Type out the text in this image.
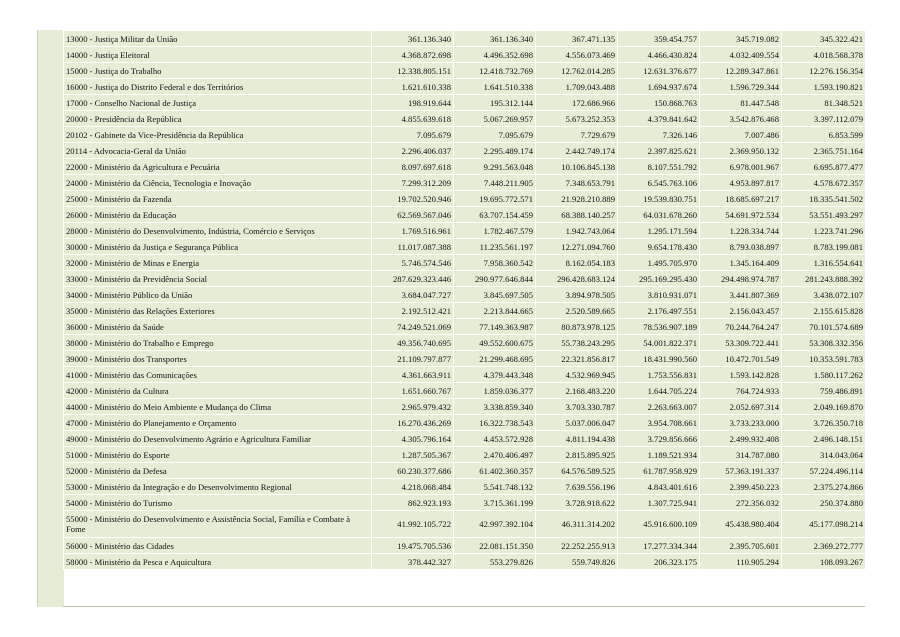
13000 - Justiça Militar da União	361.136.340	361.136.340	367.471.135	359.454.757	345.719.082	345.322.421
14000 - Justiça Eleitoral	4.368.872.698	4.496.352.698	4.556.073.469	4.466.430.824	4.032.409.554	4.018.568.378
15000 - Justiça do Trabalho	12.338.805.151	12.418.732.769	12.762.014.285	12.631.376.677	12.289.347.861	12.276.156.354
16000 - Justiça do Distrito Federal e dos Territórios	1.621.610.338	1.641.510.338	1.709.043.488	1.694.937.674	1.596.729.344	1.593.190.821
17000 - Conselho Nacional de Justiça	198.919.644	195.312.144	172.686.966	150.868.763	81.447.548	81.348.521
20000 - Presidência da República	4.855.639.618	5.067.269.957	5.673.252.353	4.379.841.642	3.542.876.468	3.397.112.079
20102 - Gabinete da Vice-Presidência da República	7.095.679	7.095.679	7.729.679	7.326.146	7.007.486	6.853.599
20114 - Advocacia-Geral da União	2.296.406.037	2.295.489.174	2.442.749.174	2.397.825.621	2.369.950.132	2.365.751.164
22000 - Ministério da Agricultura e Pecuária	8.097.697.618	9.291.563.048	10.106.845.138	8.107.551.792	6.978.001.967	6.695.877.477
24000 - Ministério da Ciência, Tecnologia e Inovação	7.299.312.209	7.448.211.905	7.348.653.791	6.545.763.106	4.953.897.817	4.578.672.357
25000 - Ministério da Fazenda	19.702.520.946	19.695.772.571	21.928.210.889	19.539.830.751	18.685.697.217	18.335.541.502
26000 - Ministério da Educação	62.569.567.046	63.707.154.459	68.388.140.257	64.031.678.260	54.691.972.534	53.551.493.297
28000 - Ministério do Desenvolvimento, Indústria, Comércio e Serviços	1.769.516.961	1.782.467.579	1.942.743.064	1.295.171.594	1.228.334.744	1.223.741.296
30000 - Ministério da Justiça e Segurança Pública	11.017.087.388	11.235.561.197	12.271.094.760	9.654.178.430	8.793.038.897	8.783.199.081
32000 - Ministério de Minas e Energia	5.746.574.546	7.958.360.542	8.162.054.183	1.495.705.970	1.345.164.409	1.316.554.641
33000 - Ministério da Previdência Social	287.629.323.446	290.977.646.844	296.428.683.124	295.169.295.430	294.498.974.787	281.243.888.392
34000 - Ministério Público da União	3.684.047.727	3.845.697.505	3.894.978.505	3.810.931.071	3.441.807.369	3.438.072.107
35000 - Ministério das Relações Exteriores	2.192.512.421	2.213.844.665	2.520.589.665	2.176.497.551	2.156.043.457	2.155.615.828
36000 - Ministério da Saúde	74.249.521.069	77.149.363.987	80.873.978.125	78.536.907.189	70.244.764.247	70.101.574.689
38000 - Ministério do Trabalho e Emprego	49.356.740.695	49.552.600.675	55.738.243.295	54.001.822.371	53.309.722.441	53.308.332.356
39000 - Ministério dos Transportes	21.109.797.877	21.299.468.695	22.321.856.817	18.431.990.560	10.472.701.549	10.353.591.783
41000 - Ministério das Comunicações	4.361.663.911	4.379.443.348	4.532.969.945	1.753.556.831	1.593.142.828	1.580.117.262
42000 - Ministério da Cultura	1.651.660.767	1.859.036.377	2.168.483.220	1.644.705.224	764.724.933	759.486.891
44000 - Ministério do Meio Ambiente e Mudança do Clima	2.965.979.432	3.338.859.340	3.703.330.787	2.263.663.007	2.052.697.314	2.049.169.870
47000 - Ministério do Planejamento e Orçamento	16.270.436.269	16.322.738.543	5.037.006.047	3.954.708.661	3.733.233.000	3.726.350.718
49000 - Ministério do Desenvolvimento Agrário e Agricultura Familiar	4.305.796.164	4.453.572.928	4.811.194.438	3.729.856.666	2.499.932.408	2.496.148.151
51000 - Ministério do Esporte	1.287.505.367	2.470.406.497	2.815.895.925	1.189.521.934	314.787.080	314.043.064
52000 - Ministério da Defesa	60.230.377.686	61.402.360.357	64.576.589.525	61.787.958.929	57.363.191.337	57.224.496.114
53000 - Ministério da Integração e do Desenvolvimento Regional	4.218.068.484	5.541.748.132	7.639.556.196	4.843.401.616	2.399.450.223	2.375.274.866
54000 - Ministério do Turismo	862.923.193	3.715.361.199	3.728.918.622	1.307.725.941	272.356.032	250.374.880
55000 - Ministério do Desenvolvimento e Assistência Social, Família e Combate à Fome	41.992.105.722	42.997.392.104	46.311.314.202	45.916.600.109	45.438.980.404	45.177.098.214
56000 - Ministério das Cidades	19.475.705.536	22.081.151.350	22.252.255.913	17.277.334.344	2.395.705.601	2.369.272.777
58000 - Ministério da Pesca e Aquicultura	378.442.327	553.279.826	559.749.826	206.323.175	110.905.294	108.093.267
